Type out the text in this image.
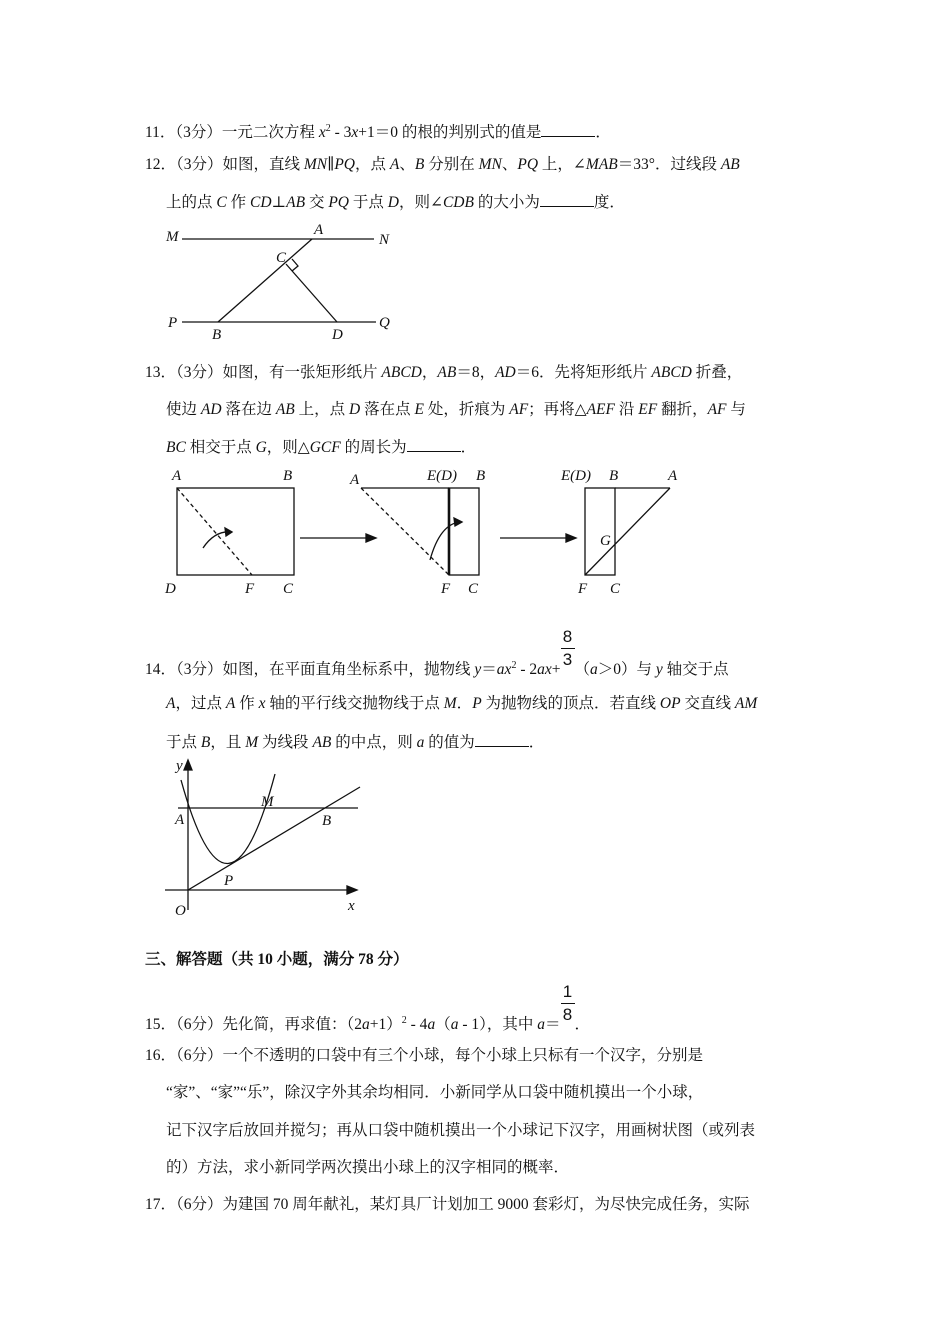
11．（3分）一元二次方程 $x^2 - 3x+1=0$ 的根的判别式的值是	．
12．（3分）如图，直线 MN∥PQ，点 A、B 分别在 MN、PQ 上，∠MAB＝33°．过线段 AB
上的点 C 作 CD⊥AB 交 PQ 于点 D，则∠CDB 的大小为	度．
13．（3分）如图，有一张矩形纸片 ABCD，AB＝8，AD＝6．先将矩形纸片 ABCD 折叠，
使边 AD 落在边 AB 上，点 D 落在点 E 处，折痕为 AF；再将△AEF 沿 EF 翻折，AF 与
BC 相交于点 G，则△GCF 的周长为	．
14．（3分）如图，在平面直角坐标系中，抛物线 $y=ax^2 - 2ax+ \frac{8}{3} (a>0)$与 y 轴交于点
A，过点 A 作 x 轴的平行线交抛物线于点 M．P 为抛物线的顶点．若直线 OP 交直线 AM
于点 B，且 M 为线段 AB 的中点，则 a 的值为	．
三、解答题（共 10 小题，满分 78 分）
15．（6分）先化简，再求值：$(2a+1)^2 - 4a(a - 1)$，其中 $a= \frac{1}{8}$ ．
16．（6分）一个不透明的口袋中有三个小球，每个小球上只标有一个汉字，分别是
“家”、“家”“乐”，除汉字外其余均相同．小新同学从口袋中随机摸出一个小球，
记下汉字后放回并搅匀；再从口袋中随机摸出一个小球记下汉字，用画树状图（或列表
的）方法，求小新同学两次摸出小球上的汉字相同的概率．
17．（6分）为建国 70 周年献礼，某灯具厂计划加工 9000 套彩灯，为尽快完成任务，实际
M	A
N
C
P
B	D
Q
A	B
D	F C
A	E(D) B
F C
E(D) B	A
G
F C
y
M
A	B
P
O	x
